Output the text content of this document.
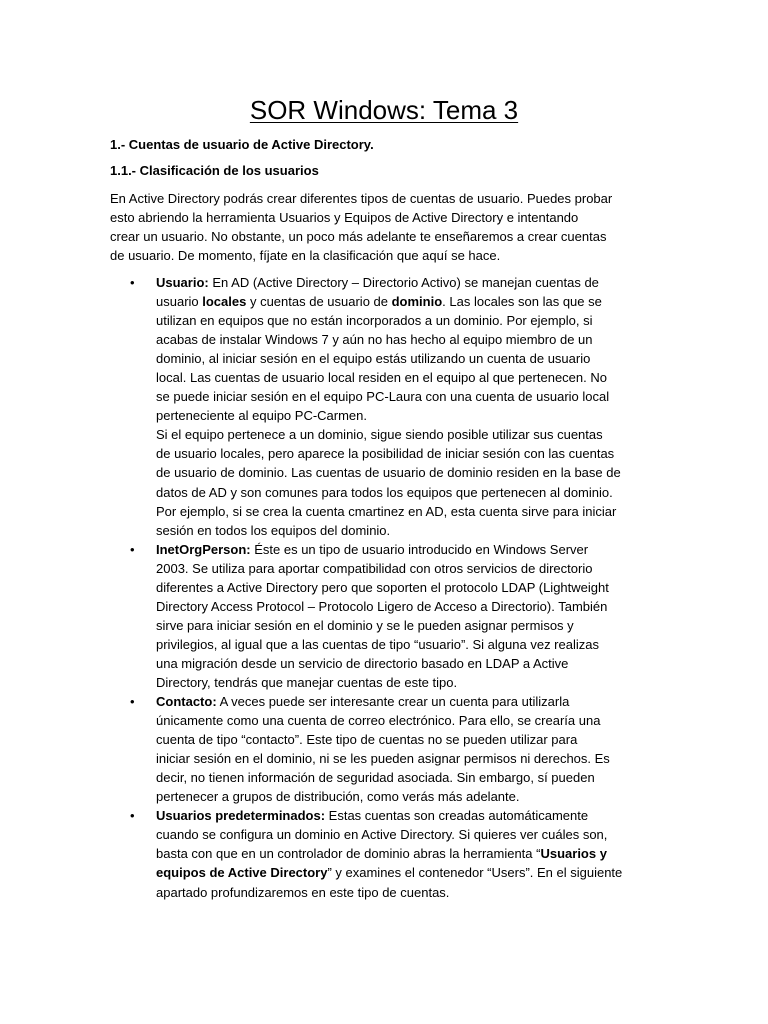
SOR Windows: Tema 3
1.- Cuentas de usuario de Active Directory.
1.1.- Clasificación de los usuarios
En Active Directory podrás crear diferentes tipos de cuentas de usuario. Puedes probar
esto abriendo la herramienta Usuarios y Equipos de Active Directory e intentando
crear un usuario. No obstante, un poco más adelante te enseñaremos a crear cuentas
de usuario. De momento, fíjate en la clasificación que aquí se hace.
• Usuario: En AD (Active Directory – Directorio Activo) se manejan cuentas de
usuario locales y cuentas de usuario de dominio. Las locales son las que se
utilizan en equipos que no están incorporados a un dominio. Por ejemplo, si
acabas de instalar Windows 7 y aún no has hecho al equipo miembro de un
dominio, al iniciar sesión en el equipo estás utilizando un cuenta de usuario
local. Las cuentas de usuario local residen en el equipo al que pertenecen. No
se puede iniciar sesión en el equipo PC-Laura con una cuenta de usuario local
perteneciente al equipo PC-Carmen.
Si el equipo pertenece a un dominio, sigue siendo posible utilizar sus cuentas
de usuario locales, pero aparece la posibilidad de iniciar sesión con las cuentas
de usuario de dominio. Las cuentas de usuario de dominio residen en la base de
datos de AD y son comunes para todos los equipos que pertenecen al dominio.
Por ejemplo, si se crea la cuenta cmartinez en AD, esta cuenta sirve para iniciar
sesión en todos los equipos del dominio.
• InetOrgPerson: Éste es un tipo de usuario introducido en Windows Server
2003. Se utiliza para aportar compatibilidad con otros servicios de directorio
diferentes a Active Directory pero que soporten el protocolo LDAP (Lightweight
Directory Access Protocol – Protocolo Ligero de Acceso a Directorio). También
sirve para iniciar sesión en el dominio y se le pueden asignar permisos y
privilegios, al igual que a las cuentas de tipo “usuario”. Si alguna vez realizas
una migración desde un servicio de directorio basado en LDAP a Active
Directory, tendrás que manejar cuentas de este tipo.
• Contacto: A veces puede ser interesante crear un cuenta para utilizarla
únicamente como una cuenta de correo electrónico. Para ello, se crearía una
cuenta de tipo “contacto”. Este tipo de cuentas no se pueden utilizar para
iniciar sesión en el dominio, ni se les pueden asignar permisos ni derechos. Es
decir, no tienen información de seguridad asociada. Sin embargo, sí pueden
pertenecer a grupos de distribución, como verás más adelante.
• Usuarios predeterminados: Estas cuentas son creadas automáticamente
cuando se configura un dominio en Active Directory. Si quieres ver cuáles son,
basta con que en un controlador de dominio abras la herramienta “Usuarios y
equipos de Active Directory” y examines el contenedor “Users”. En el siguiente
apartado profundizaremos en este tipo de cuentas.
